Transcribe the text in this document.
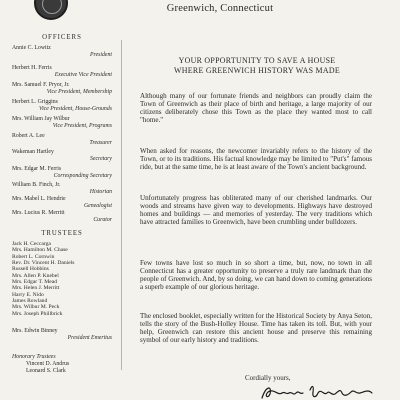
Greenwich, Connecticut
OFFICERS
Annie C. Lowitz
President
Herbert H. Ferris
Executive Vice President
Mrs. Samuel F. Pryor, Jr.
Vice President, Membership
Herbert L. Griggins
Vice President, House-Grounds
Mrs. William Jay Wilbur
Vice President, Programs
Robert A. Lee
Treasurer
Wakeman Hartley
Secretary
Mrs. Edgar M. Ferris
Corresponding Secretary
William B. Finch, Jr.
Historian
Mrs. Mabel L. Hendrie
Genealogist
Mrs. Lucius R. Merritt
Curator
TRUSTEES
Jack H. Ceccarga
Mrs. Hamilton M. Chase
Robert L. Cornwin
Rev. Dr. Vincent H. Daniels
Russell Hobbins
Mrs. Allen P. Knebel
Mrs. Edgar T. Mead
Mrs. Helen J. Merritt
Harry E. Nido
James Rowland
Mrs. Wilbur M. Peck
Mrs. Joseph Phillbrick
Mrs. Edwin Binney
President Emeritus
Honorary Trustees
Vincent D. Andrus
Leonard S. Clark
YOUR OPPORTUNITY TO SAVE A HOUSE
WHERE GREENWICH HISTORY WAS MADE

Although many of our fortunate friends and neighbors can proudly claim the Town of Greenwich as their place of birth and heritage, a large majority of our citizens deliberately chose this Town as the place they wanted most to call "home."

When asked for reasons, the newcomer invariably refers to the history of the Town, or to its traditions. His factual knowledge may be limited to "Put's" famous ride, but at the same time, he is at least aware of the Town's ancient background.

Unfortunately progress has obliterated many of our cherished landmarks. Our woods and streams have given way to developments. Highways have destroyed homes and buildings — and memories of yesterday. The very traditions which have attracted families to Greenwich, have been crumbling under bulldozers.

Few towns have lost so much in so short a time, but, now, no town in all Connecticut has a greater opportunity to preserve a truly rare landmark than the people of Greenwich. And, by so doing, we can hand down to coming generations a superb example of our glorious heritage.

The enclosed booklet, especially written for the Historical Society by Anya Seton, tells the story of the Bush-Holley House. Time has taken its toll. But, with your help, Greenwich can restore this ancient house and preserve this remaining symbol of our early history and traditions.

Cordially yours,
